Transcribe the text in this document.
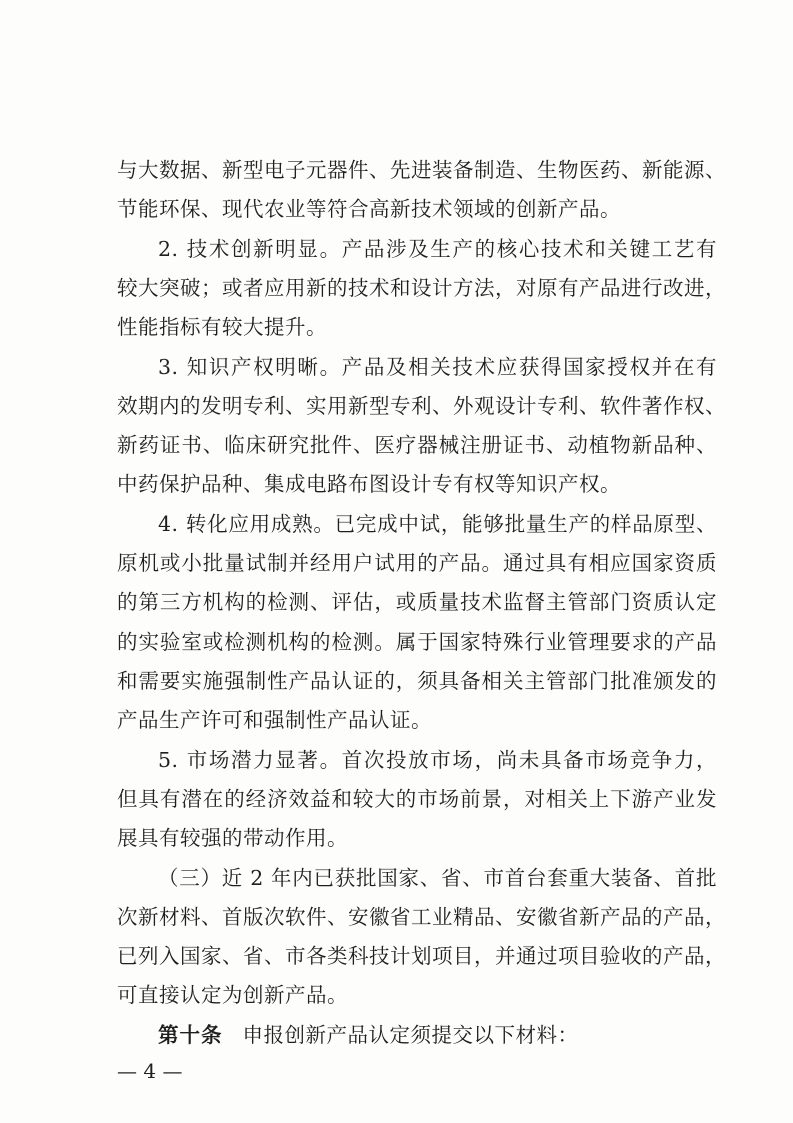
与大数据、新型电子元器件、先进装备制造、生物医药、新能源、
节能环保、现代农业等符合高新技术领域的创新产品。
2. 技术创新明显。产品涉及生产的核心技术和关键工艺有
较大突破；或者应用新的技术和设计方法，对原有产品进行改进，
性能指标有较大提升。
3. 知识产权明晰。产品及相关技术应获得国家授权并在有
效期内的发明专利、实用新型专利、外观设计专利、软件著作权、
新药证书、临床研究批件、医疗器械注册证书、动植物新品种、
中药保护品种、集成电路布图设计专有权等知识产权。
4. 转化应用成熟。已完成中试，能够批量生产的样品原型、
原机或小批量试制并经用户试用的产品。通过具有相应国家资质
的第三方机构的检测、评估，或质量技术监督主管部门资质认定
的实验室或检测机构的检测。属于国家特殊行业管理要求的产品
和需要实施强制性产品认证的，须具备相关主管部门批准颁发的
产品生产许可和强制性产品认证。
5. 市场潜力显著。首次投放市场，尚未具备市场竞争力，
但具有潜在的经济效益和较大的市场前景，对相关上下游产业发
展具有较强的带动作用。
（三）近 2 年内已获批国家、省、市首台套重大装备、首批
次新材料、首版次软件、安徽省工业精品、安徽省新产品的产品，
已列入国家、省、市各类科技计划项目，并通过项目验收的产品，
可直接认定为创新产品。
第十条 申报创新产品认定须提交以下材料：
— 4 —
